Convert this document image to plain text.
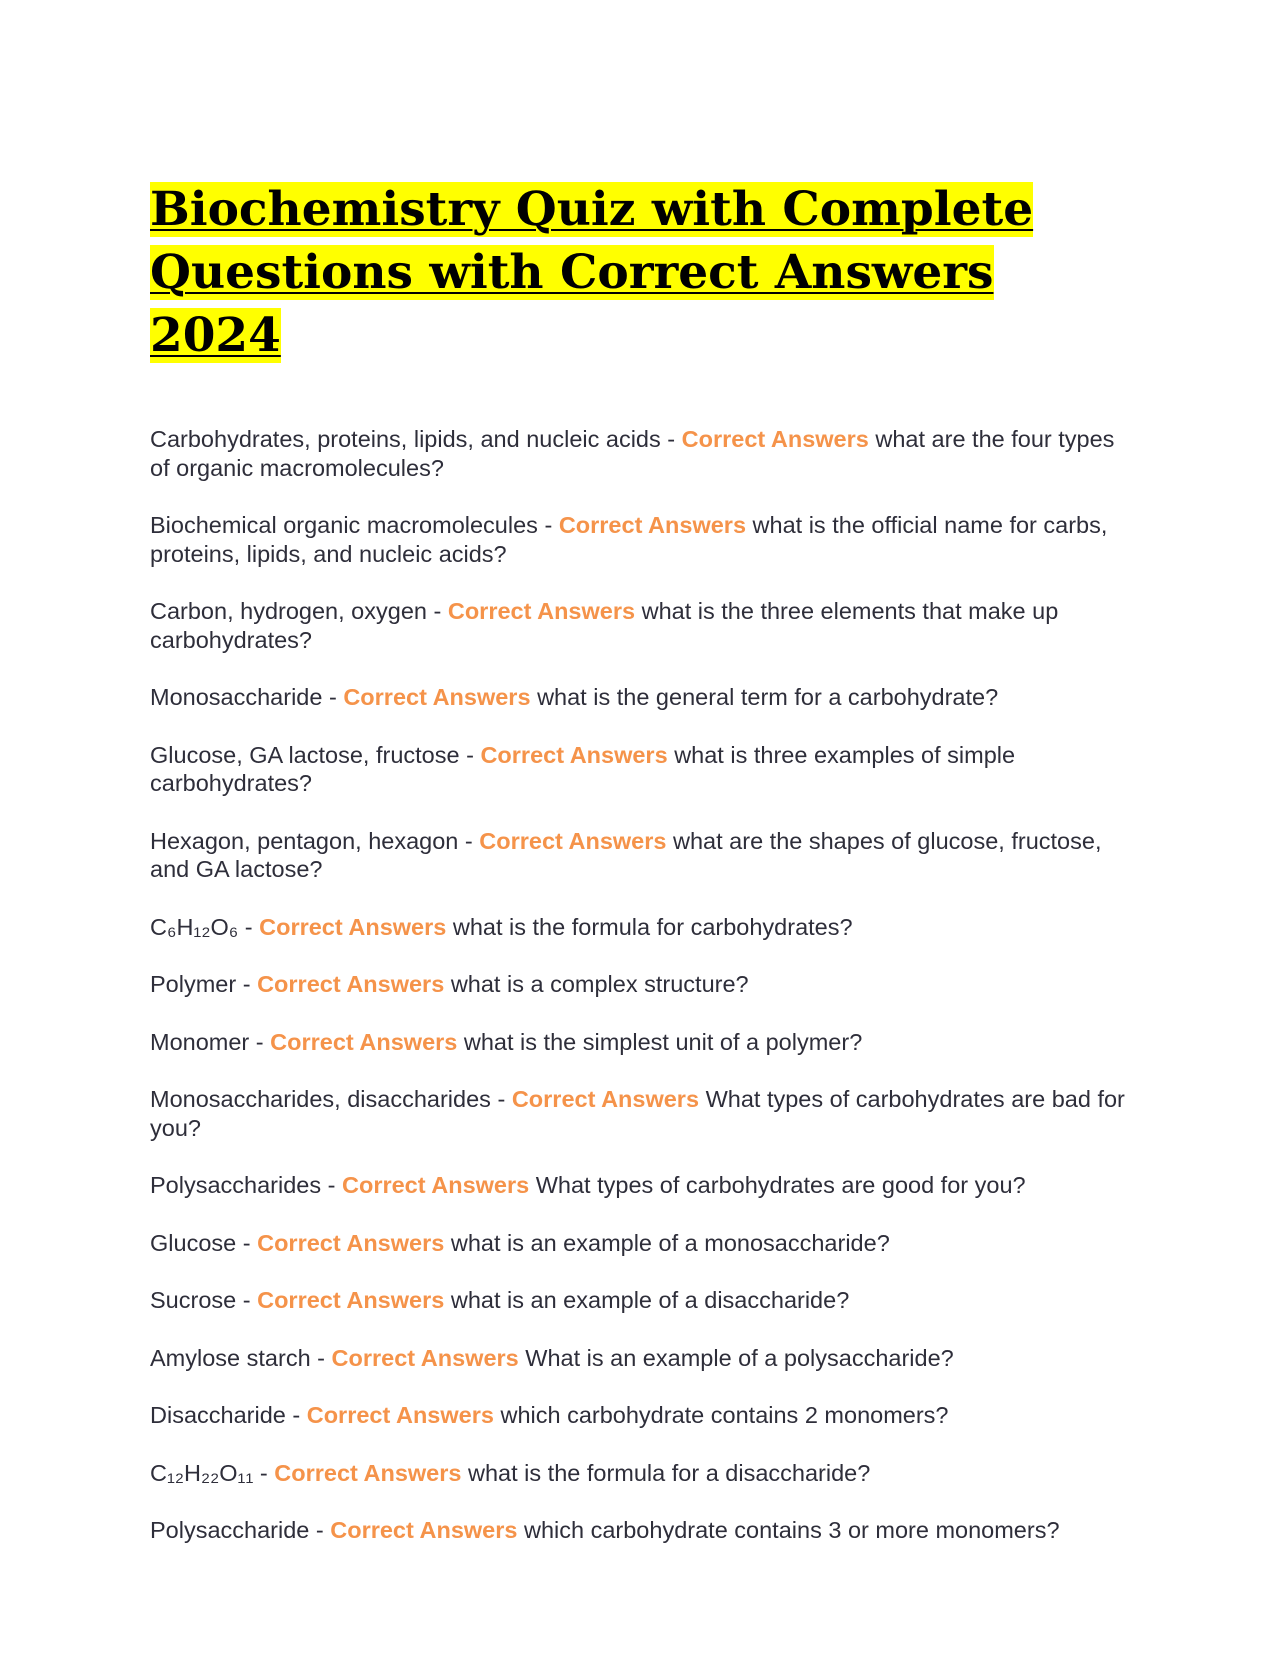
Biochemistry Quiz with Complete Questions with Correct Answers 2024

Carbohydrates, proteins, lipids, and nucleic acids - Correct Answers what are the four types of organic macromolecules?

Biochemical organic macromolecules - Correct Answers what is the official name for carbs, proteins, lipids, and nucleic acids?

Carbon, hydrogen, oxygen - Correct Answers what is the three elements that make up carbohydrates?

Monosaccharide - Correct Answers what is the general term for a carbohydrate?

Glucose, GA lactose, fructose - Correct Answers what is three examples of simple carbohydrates?

Hexagon, pentagon, hexagon - Correct Answers what are the shapes of glucose, fructose, and GA lactose?

C₆H₁₂O₆ - Correct Answers what is the formula for carbohydrates?

Polymer - Correct Answers what is a complex structure?

Monomer - Correct Answers what is the simplest unit of a polymer?

Monosaccharides, disaccharides - Correct Answers What types of carbohydrates are bad for you?

Polysaccharides - Correct Answers What types of carbohydrates are good for you?

Glucose - Correct Answers what is an example of a monosaccharide?

Sucrose - Correct Answers what is an example of a disaccharide?

Amylose starch - Correct Answers What is an example of a polysaccharide?

Disaccharide - Correct Answers which carbohydrate contains 2 monomers?

C₁₂H₂₂O₁₁ - Correct Answers what is the formula for a disaccharide?

Polysaccharide - Correct Answers which carbohydrate contains 3 or more monomers?
